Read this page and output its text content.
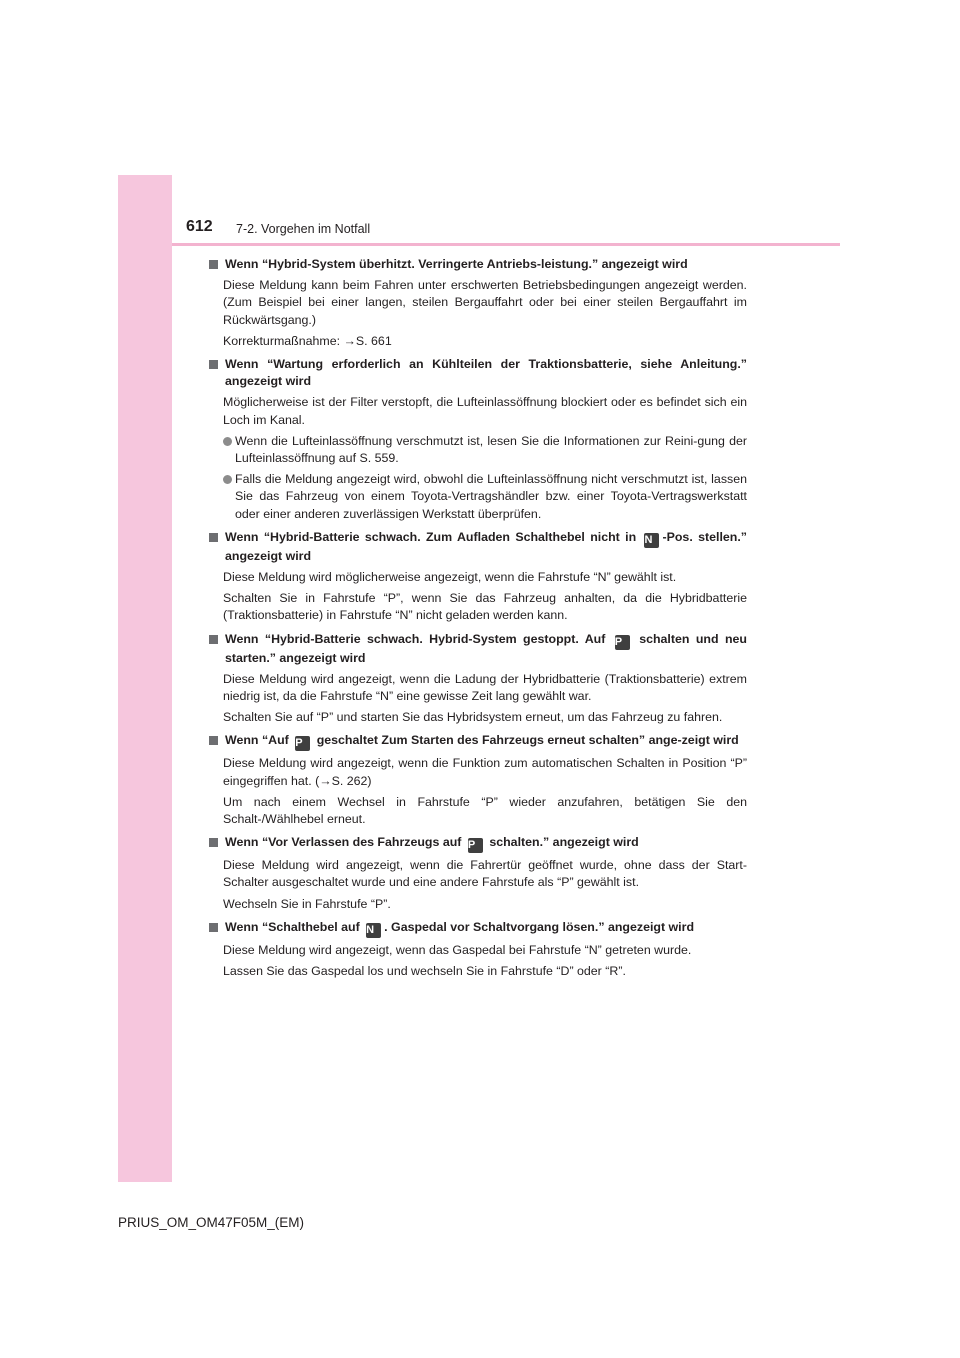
612 7-2. Vorgehen im Notfall
Wenn “Hybrid-System überhitzt. Verringerte Antriebs-leistung.” angezeigt wird
Diese Meldung kann beim Fahren unter erschwerten Betriebsbedingungen angezeigt werden. (Zum Beispiel bei einer langen, steilen Bergauffahrt oder bei einer steilen Bergauffahrt im Rückwärtsgang.)
Korrekturmaßnahme: →S. 661
Wenn “Wartung erforderlich an Kühlteilen der Traktionsbatterie, siehe Anleitung.” angezeigt wird
Möglicherweise ist der Filter verstopft, die Lufteinlassöffnung blockiert oder es befindet sich ein Loch im Kanal.
Wenn die Lufteinlassöffnung verschmutzt ist, lesen Sie die Informationen zur Reini-gung der Lufteinlassöffnung auf S. 559.
Falls die Meldung angezeigt wird, obwohl die Lufteinlassöffnung nicht verschmutzt ist, lassen Sie das Fahrzeug von einem Toyota-Vertragshändler bzw. einer Toyota-Vertragswerkstatt oder einer anderen zuverlässigen Werkstatt überprüfen.
Wenn “Hybrid-Batterie schwach. Zum Aufladen Schalthebel nicht in N -Pos. stellen.” angezeigt wird
Diese Meldung wird möglicherweise angezeigt, wenn die Fahrstufe “N” gewählt ist.
Schalten Sie in Fahrstufe “P”, wenn Sie das Fahrzeug anhalten, da die Hybridbatterie (Traktionsbatterie) in Fahrstufe “N” nicht geladen werden kann.
Wenn “Hybrid-Batterie schwach. Hybrid-System gestoppt. Auf P schalten und neu starten.” angezeigt wird
Diese Meldung wird angezeigt, wenn die Ladung der Hybridbatterie (Traktionsbatterie) extrem niedrig ist, da die Fahrstufe “N” eine gewisse Zeit lang gewählt war.
Schalten Sie auf “P” und starten Sie das Hybridsystem erneut, um das Fahrzeug zu fahren.
Wenn “Auf P geschaltet Zum Starten des Fahrzeugs erneut schalten” ange-zeigt wird
Diese Meldung wird angezeigt, wenn die Funktion zum automatischen Schalten in Position “P” eingegriffen hat. (→S. 262)
Um nach einem Wechsel in Fahrstufe “P” wieder anzufahren, betätigen Sie den Schalt-/Wählhebel erneut.
Wenn “Vor Verlassen des Fahrzeugs auf P schalten.” angezeigt wird
Diese Meldung wird angezeigt, wenn die Fahrertür geöffnet wurde, ohne dass der Start-Schalter ausgeschaltet wurde und eine andere Fahrstufe als “P” gewählt ist.
Wechseln Sie in Fahrstufe “P”.
Wenn “Schalthebel auf N . Gaspedal vor Schaltvorgang lösen.” angezeigt wird
Diese Meldung wird angezeigt, wenn das Gaspedal bei Fahrstufe “N” getreten wurde.
Lassen Sie das Gaspedal los und wechseln Sie in Fahrstufe “D” oder “R”.
PRIUS_OM_OM47F05M_(EM)
